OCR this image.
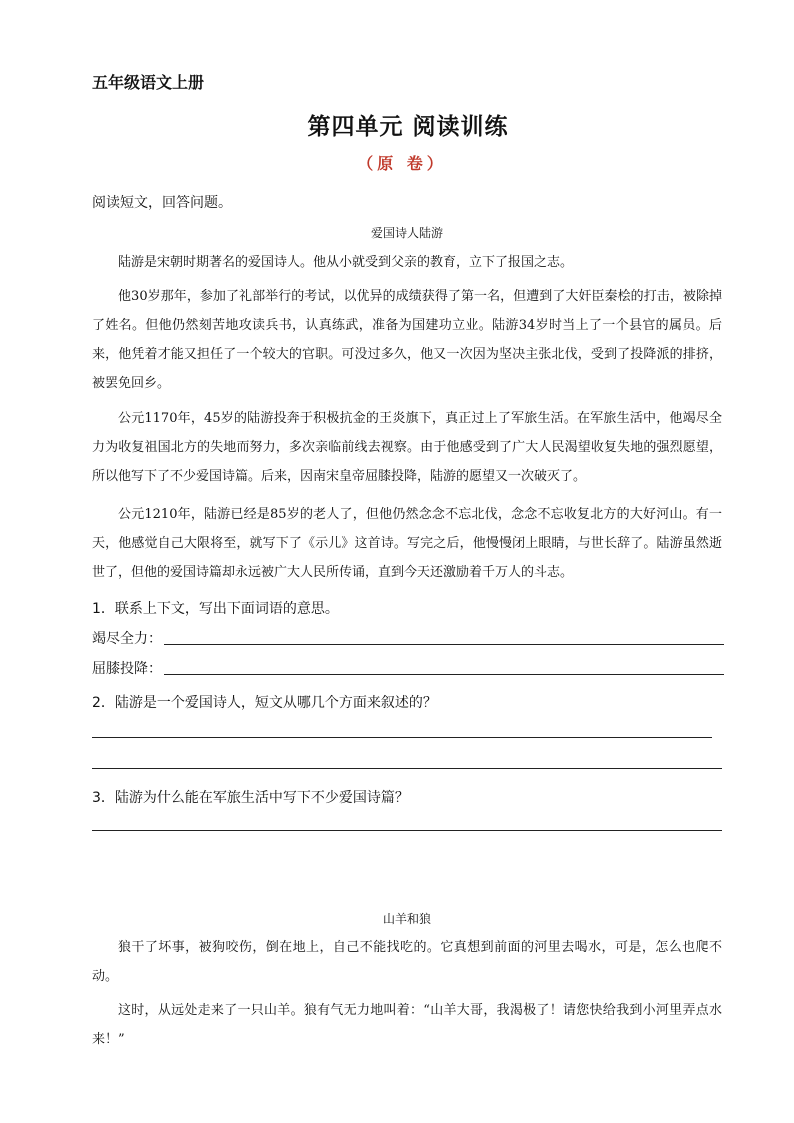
五年级语文上册
第四单元 阅读训练
（原 卷）
阅读短文，回答问题。
爱国诗人陆游

陆游是宋朝时期著名的爱国诗人。他从小就受到父亲的教育，立下了报国之志。

他30岁那年，参加了礼部举行的考试，以优异的成绩获得了第一名，但遭到了大奸臣秦桧的打击，被除掉了姓名。但他仍然刻苦地攻读兵书，认真练武，准备为国建功立业。陆游34岁时当上了一个县官的属员。后来，他凭着才能又担任了一个较大的官职。可没过多久，他又一次因为坚决主张北伐，受到了投降派的排挤，被罢免回乡。

公元1170年，45岁的陆游投奔于积极抗金的王炎旗下，真正过上了军旅生活。在军旅生活中，他竭尽全力为收复祖国北方的失地而努力，多次亲临前线去视察。由于他感受到了广大人民渴望收复失地的强烈愿望，所以他写下了不少爱国诗篇。后来，因南宋皇帝屈膝投降，陆游的愿望又一次破灭了。

公元1210年，陆游已经是85岁的老人了，但他仍然念念不忘北伐，念念不忘收复北方的大好河山。有一天，他感觉自己大限将至，就写下了《示儿》这首诗。写完之后，他慢慢闭上眼睛，与世长辞了。陆游虽然逝世了，但他的爱国诗篇却永远被广大人民所传诵，直到今天还激励着千万人的斗志。

1．联系上下文，写出下面词语的意思。
竭尽全力：
屈膝投降：
2．陆游是一个爱国诗人，短文从哪几个方面来叙述的？
3．陆游为什么能在军旅生活中写下不少爱国诗篇？
山羊和狼

狼干了坏事，被狗咬伤，倒在地上，自己不能找吃的。它真想到前面的河里去喝水，可是，怎么也爬不动。

这时，从远处走来了一只山羊。狼有气无力地叫着：“山羊大哥，我渴极了！请您快给我到小河里弄点水来！”
